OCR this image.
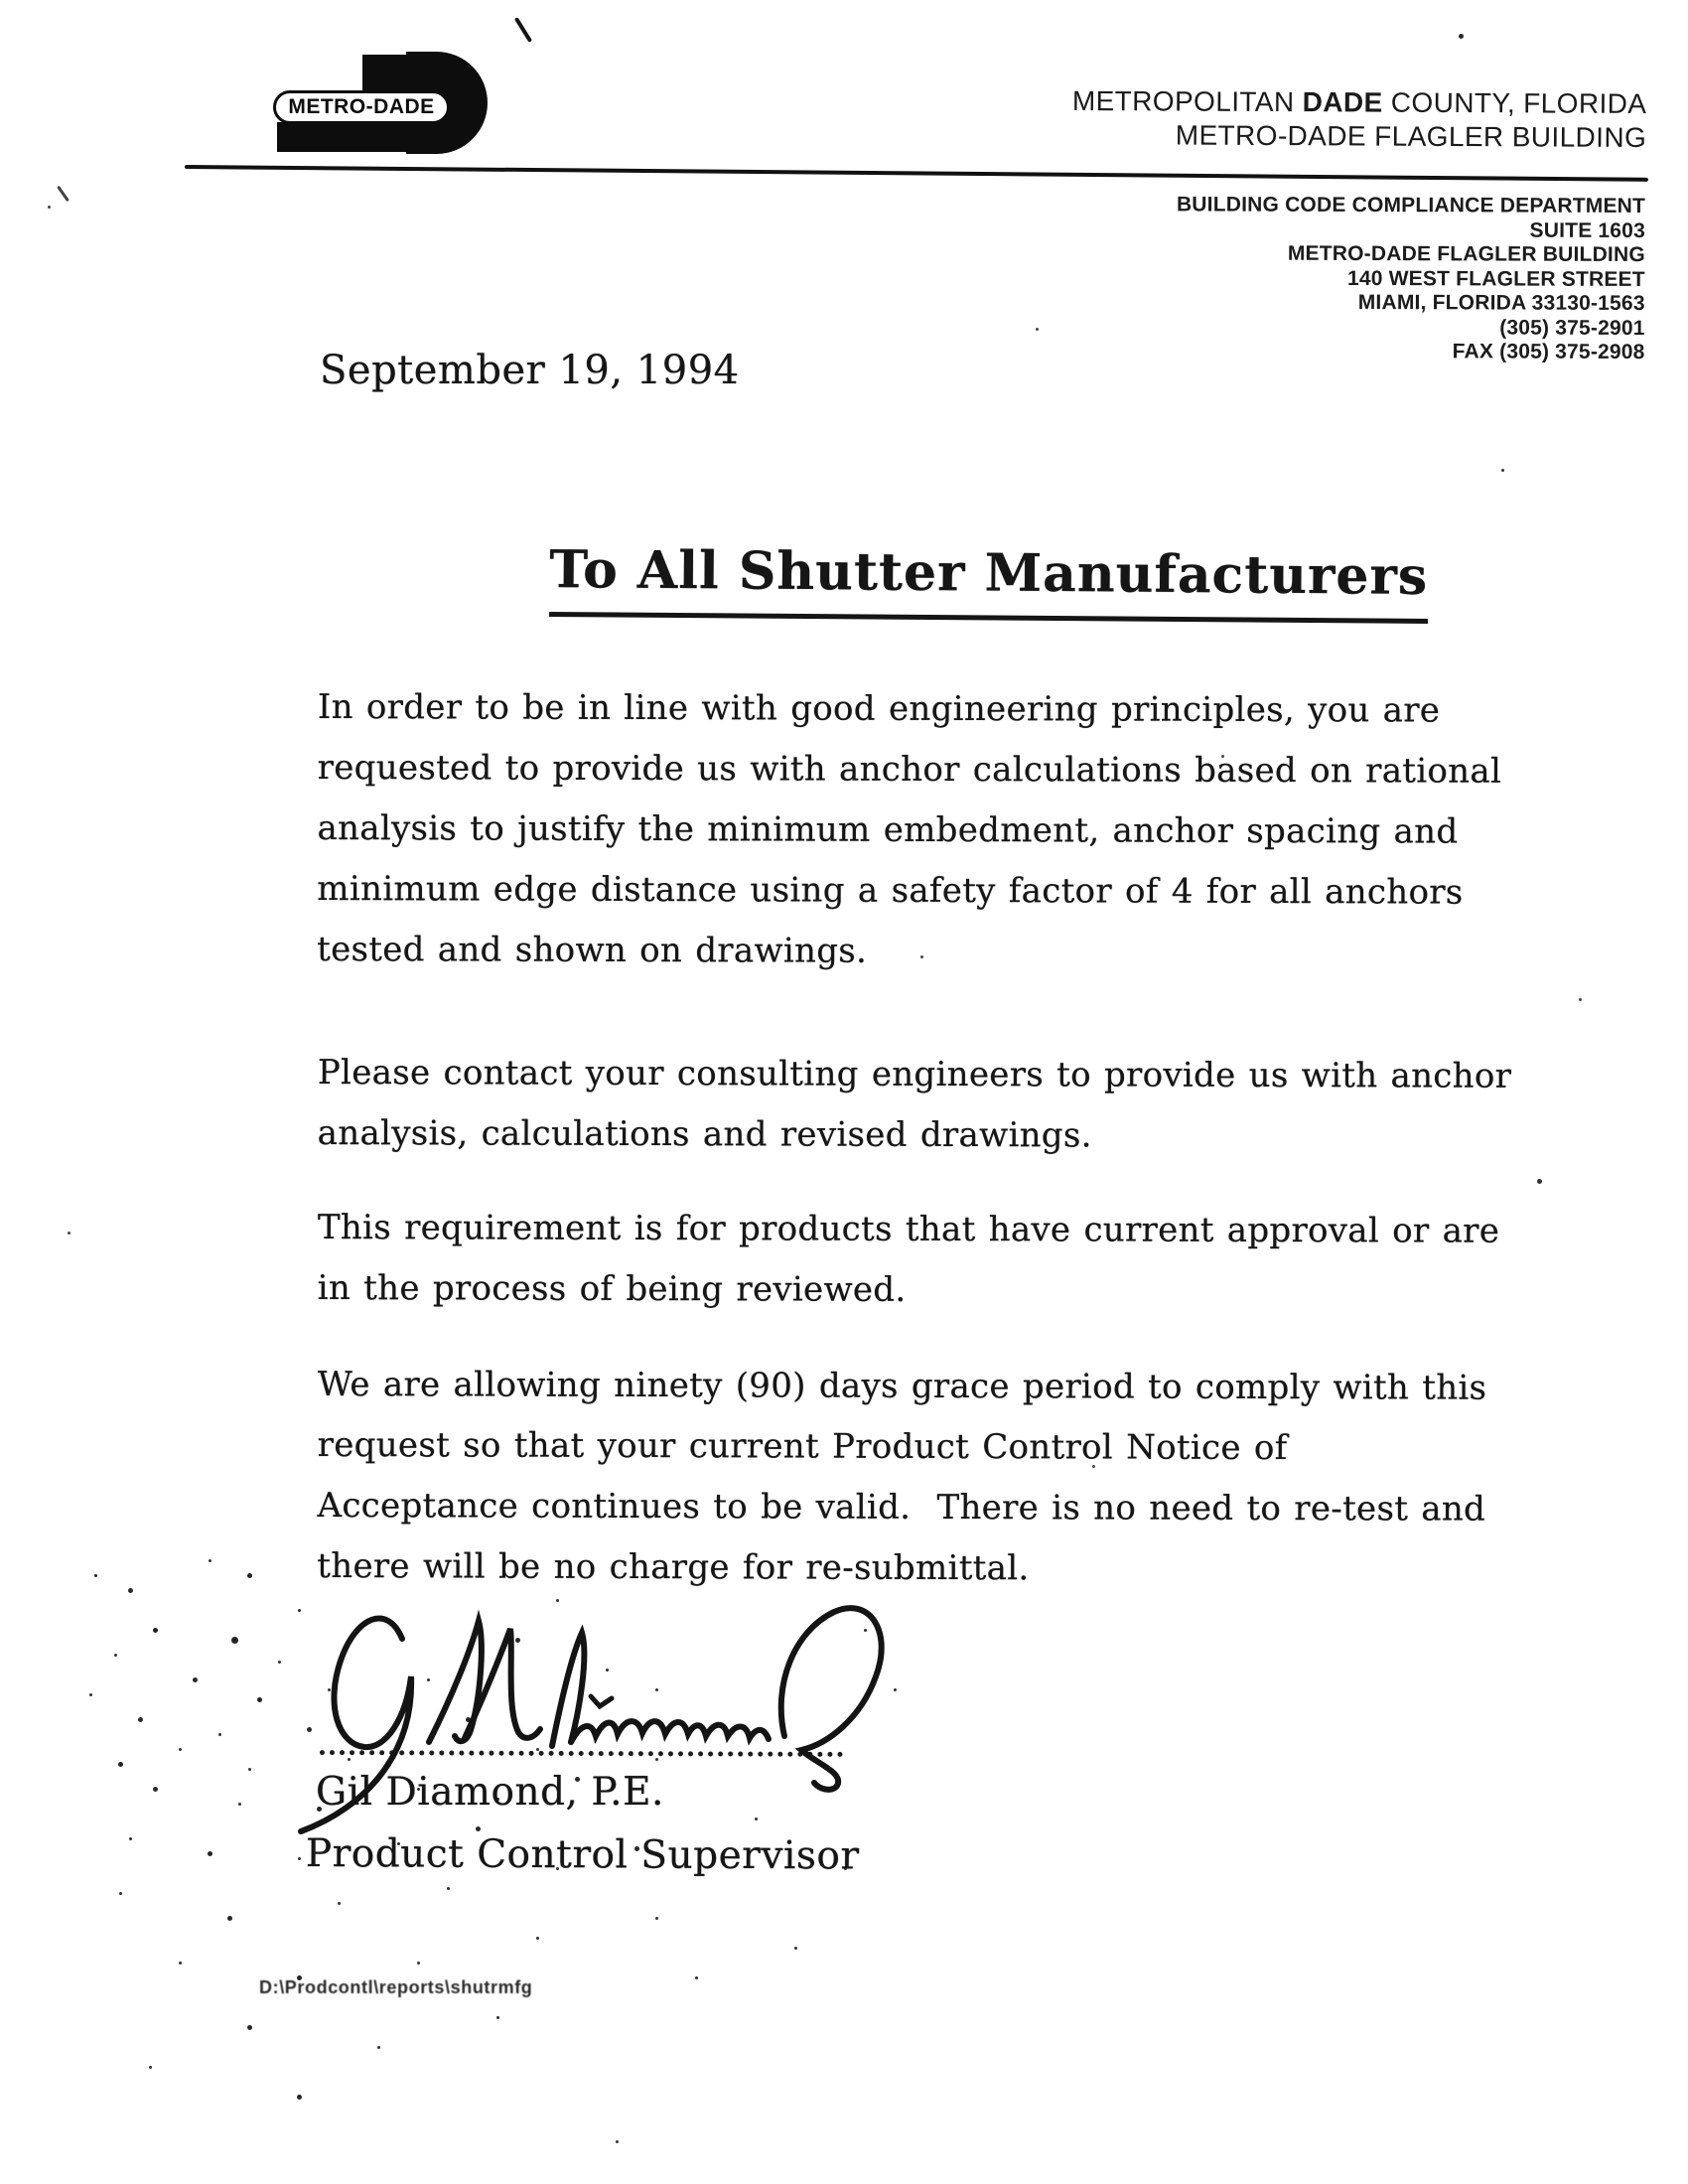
METRO-DADE	METROPOLITAN DADE COUNTY, FLORIDA
METRO-DADE FLAGLER BUILDING
BUILDING CODE COMPLIANCE DEPARTMENT
SUITE 1603
METRO-DADE FLAGLER BUILDING
140 WEST FLAGLER STREET
MIAMI, FLORIDA 33130-1563
(305) 375-2901
FAX (305) 375-2908
September 19, 1994
To All Shutter Manufacturers
In order to be in line with good engineering principles, you are
requested to provide us with anchor calculations based on rational
analysis to justify the minimum embedment, anchor spacing and
minimum edge distance using a safety factor of 4 for all anchors
tested and shown on drawings.
Please contact your consulting engineers to provide us with anchor
analysis, calculations and revised drawings.
This requirement is for products that have current approval or are
in the process of being reviewed.
We are allowing ninety (90) days grace period to comply with this
request so that your current Product Control Notice of
Acceptance continues to be valid.  There is no need to re-test and
there will be no charge for re-submittal.
Gil Diamond, P.E.
Product Control Supervisor
D:\Prodcontl\reports\shutrmfg
